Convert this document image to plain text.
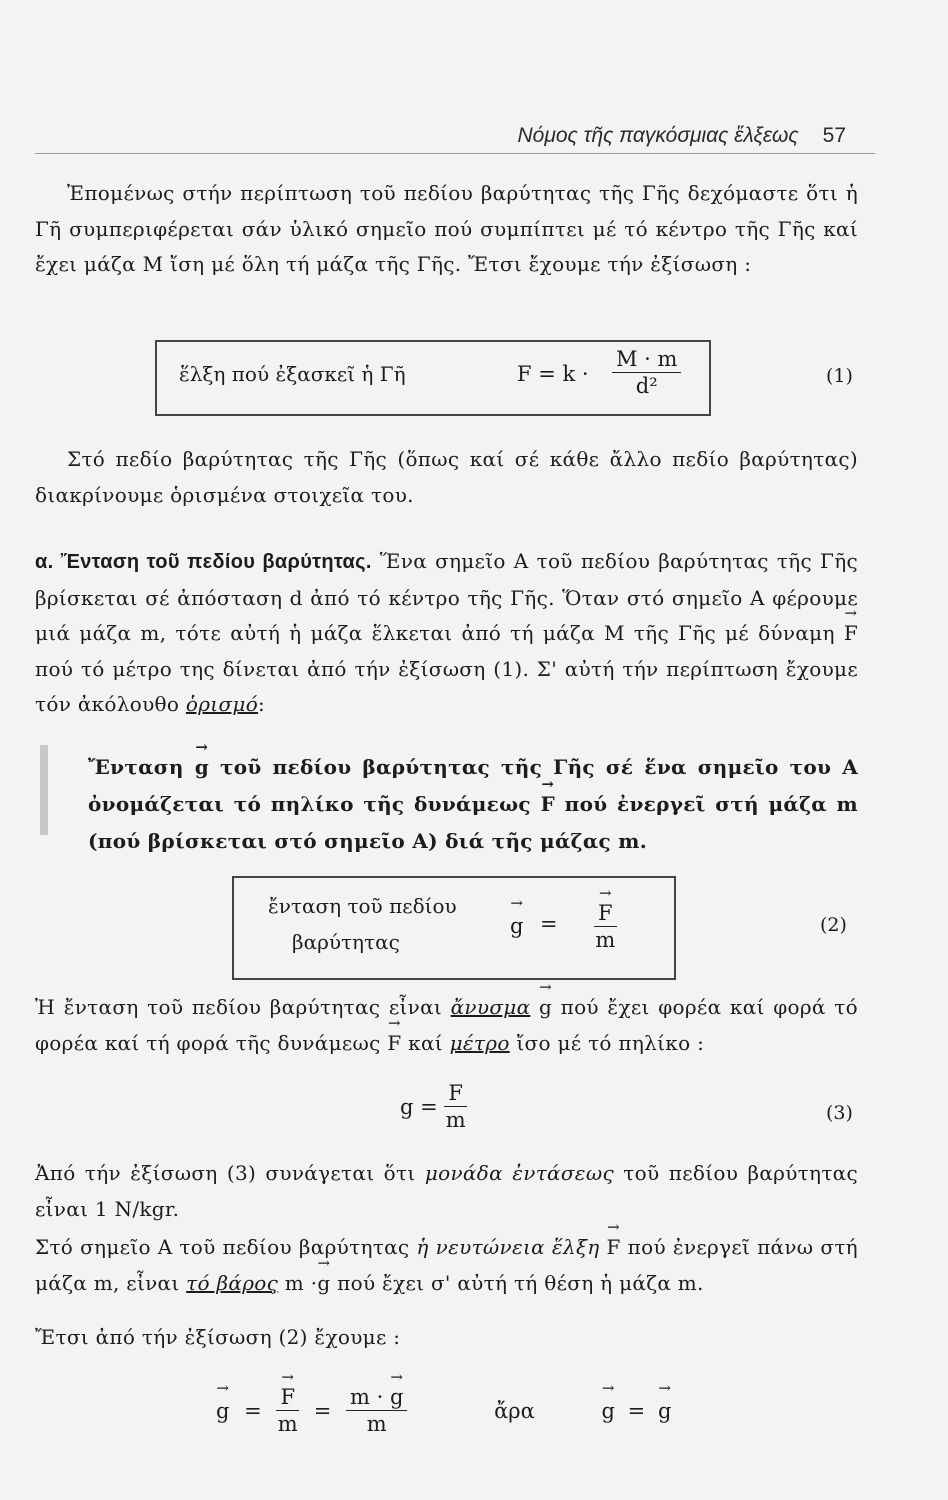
Νόμος τῆς παγκόσμιας ἕλξεως 57
Ἐπομένως στήν περίπτωση τοῦ πεδίου βαρύτητας τῆς Γῆς δεχόμαστε ὅτι ἡ Γῆ συμπεριφέρεται σάν ὑλικό σημεῖο πού συμπίπτει μέ τό κέντρο τῆς Γῆς καί ἔχει μάζα M ἴση μέ ὅλη τή μάζα τῆς Γῆς. Ἔτσι ἔχουμε τήν ἐξίσωση :
ἕλξη πού ἐξασκεῖ ἡ Γῆ	$F = k \cdot \frac{M \cdot m}{\text{d²}}$	(1)
Στό πεδίο βαρύτητας τῆς Γῆς (ὅπως καί σέ κάθε ἄλλο πεδίο βαρύτητας) διακρίνουμε ὁρισμένα στοιχεῖα του.
α. Ἔνταση τοῦ πεδίου βαρύτητας. Ἕνα σημεῖο A τοῦ πεδίου βαρύτητας τῆς Γῆς βρίσκεται σέ ἀπόσταση d ἀπό τό κέντρο τῆς Γῆς. Ὅταν στό σημεῖο A φέρουμε μιά μάζα m, τότε αὐτή ἡ μάζα ἕλκεται ἀπό τή μάζα M τῆς Γῆς μέ δύναμη → F πού τό μέτρο της δίνεται ἀπό τήν ἐξίσωση (1). Σ' αὐτή τήν περίπτωση ἔχουμε τόν ἀκόλουθο ὁρισμό:
Ἔνταση → g τοῦ πεδίου βαρύτητας τῆς Γῆς σέ ἕνα σημεῖο του A ὀνομάζεται τό πηλίκο τῆς δυνάμεως → F πού ἐνεργεῖ στή μάζα m (πού βρίσκεται στό σημεῖο A) διά τῆς μάζας m.
ἔνταση τοῦ πεδίου
βαρύτητας
→ g = → $\frac{F}{m}$	(2)
Ἡ ἔνταση τοῦ πεδίου βαρύτητας εἶναι ἄνυσμα → g πού ἔχει φορέα καί φορά τό φορέα καί τή φορά τῆς δυνάμεως → F καί μέτρο ἴσο μέ τό πηλίκο :
$g = \frac{F}{m}$	(3)
Ἀπό τήν ἐξίσωση (3) συνάγεται ὅτι μονάδα ἐντάσεως τοῦ πεδίου βαρύτητας εἶναι 1 N/kgr.
Στό σημεῖο A τοῦ πεδίου βαρύτητας ἡ νευτώνεια ἕλξη → F πού ἐνεργεῖ πάνω στή μάζα m, εἶναι τό βάρος m ·→ g πού ἔχει σ' αὐτή τή θέση ἡ μάζα m.
Ἔτσι ἀπό τήν ἐξίσωση (2) ἔχουμε :
→ g = → $\frac{F}{m} = \frac{m \cdot \to g}{m}$	ἄρα	→ g = → g
